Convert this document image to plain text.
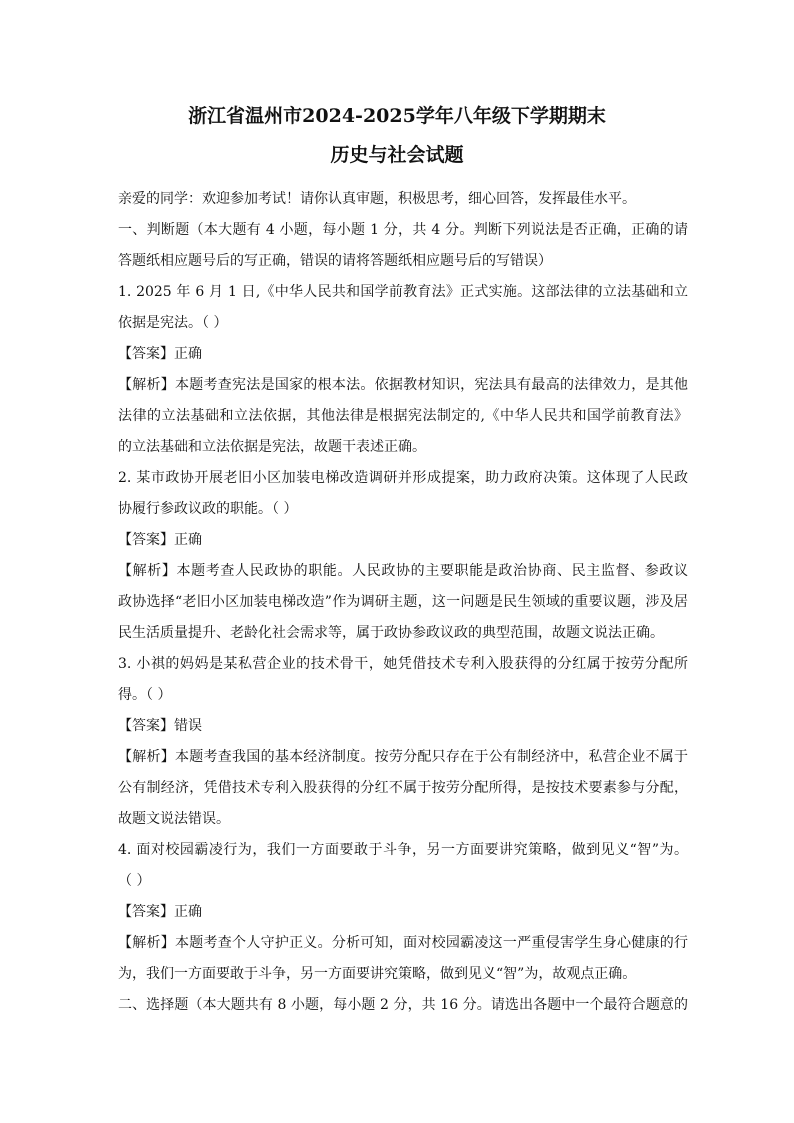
浙江省温州市2024-2025学年八年级下学期期末
历史与社会试题
亲爱的同学：欢迎参加考试！请你认真审题，积极思考，细心回答，发挥最佳水平。
一、判断题（本大题有 4 小题，每小题 1 分，共 4 分。判断下列说法是否正确，正确的请
答题纸相应题号后的写正确，错误的请将答题纸相应题号后的写错误）
1. 2025 年 6 月 1 日,《中华人民共和国学前教育法》正式实施。这部法律的立法基础和立
依据是宪法。（ ）
【答案】正确
【解析】本题考查宪法是国家的根本法。依据教材知识，宪法具有最高的法律效力，是其他
法律的立法基础和立法依据，其他法律是根据宪法制定的,《中华人民共和国学前教育法》
的立法基础和立法依据是宪法，故题干表述正确。
2. 某市政协开展老旧小区加装电梯改造调研并形成提案，助力政府决策。这体现了人民政
协履行参政议政的职能。（ ）
【答案】正确
【解析】本题考查人民政协的职能。人民政协的主要职能是政治协商、民主监督、参政议
政协选择“老旧小区加装电梯改造”作为调研主题，这一问题是民生领域的重要议题，涉及居
民生活质量提升、老龄化社会需求等，属于政协参政议政的典型范围，故题文说法正确。
3. 小祺的妈妈是某私营企业的技术骨干，她凭借技术专利入股获得的分红属于按劳分配所
得。（ ）
【答案】错误
【解析】本题考查我国的基本经济制度。按劳分配只存在于公有制经济中，私营企业不属于
公有制经济，凭借技术专利入股获得的分红不属于按劳分配所得，是按技术要素参与分配，
故题文说法错误。
4. 面对校园霸凌行为，我们一方面要敢于斗争，另一方面要讲究策略，做到见义“智”为。
（ ）
【答案】正确
【解析】本题考查个人守护正义。分析可知，面对校园霸凌这一严重侵害学生身心健康的行
为，我们一方面要敢于斗争，另一方面要讲究策略，做到见义“智”为，故观点正确。
二、选择题（本大题共有 8 小题，每小题 2 分，共 16 分。请选出各题中一个最符合题意的
